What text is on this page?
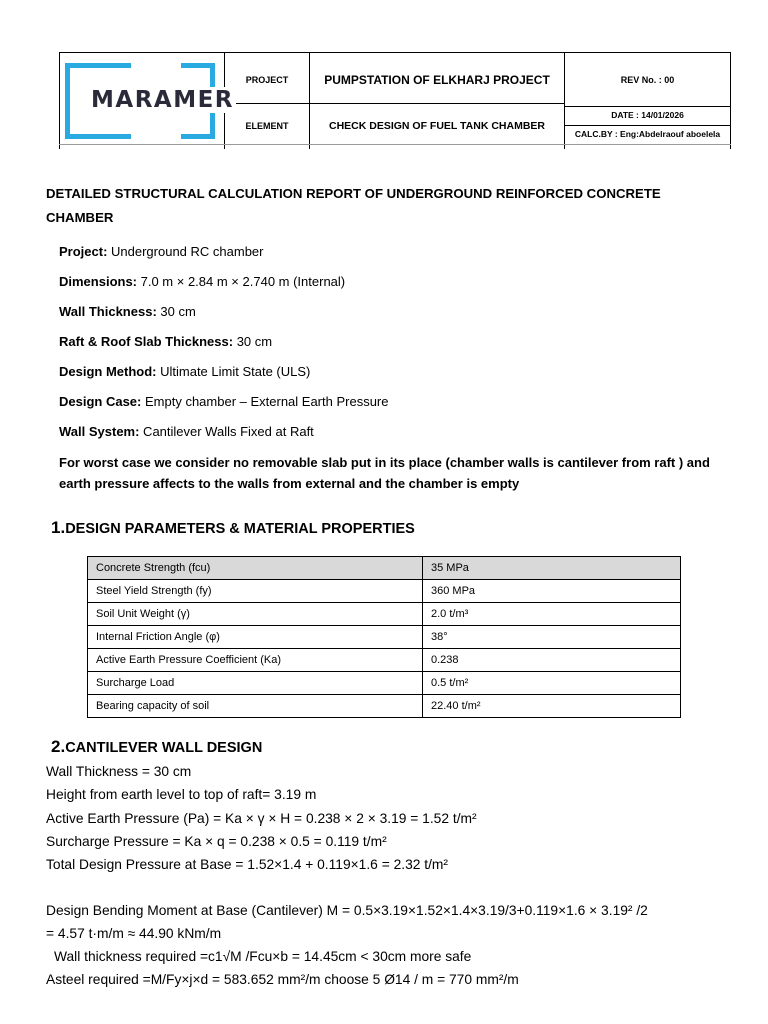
MARAMER
PROJECT	PUMPSTATION OF ELKHARJ PROJECT	REV No. : 00
ELEMENT	CHECK DESIGN OF FUEL TANK CHAMBER
DATE : 14/01/2026
CALC.BY : Eng:Abdelraouf aboelela
DETAILED STRUCTURAL CALCULATION REPORT OF UNDERGROUND REINFORCED CONCRETE CHAMBER
Project: Underground RC chamber
Dimensions: 7.0 m × 2.84 m × 2.740 m (Internal)
Wall Thickness: 30 cm
Raft & Roof Slab Thickness: 30 cm
Design Method: Ultimate Limit State (ULS)
Design Case: Empty chamber – External Earth Pressure
Wall System: Cantilever Walls Fixed at Raft
For worst case we consider no removable slab put in its place (chamber walls is cantilever from raft ) and earth pressure affects to the walls from external and the chamber is empty
1.DESIGN PARAMETERS & MATERIAL PROPERTIES
Concrete Strength (fcu)	35 MPa
Steel Yield Strength (fy)	360 MPa
Soil Unit Weight (γ)	2.0 t/m³
Internal Friction Angle (φ)	38°
Active Earth Pressure Coefficient (Ka)	0.238
Surcharge Load	0.5 t/m²
Bearing capacity of soil	22.40 t/m²
2.CANTILEVER WALL DESIGN
Wall Thickness = 30 cm
Height from earth level to top of raft= 3.19 m
Active Earth Pressure (Pa) = Ka × γ × H = 0.238 × 2 × 3.19 = 1.52 t/m²
Surcharge Pressure = Ka × q = 0.238 × 0.5 = 0.119 t/m²
Total Design Pressure at Base = 1.52×1.4 + 0.119×1.6 = 2.32 t/m²
Design Bending Moment at Base (Cantilever) M = 0.5×3.19×1.52×1.4×3.19/3+0.119×1.6 × 3.19² /2
= 4.57 t·m/m ≈ 44.90 kNm/m
Wall thickness required =c1√M /Fcu×b = 14.45cm < 30cm more safe
Asteel required =M/Fy×j×d = 583.652 mm²/m choose 5 Ø14 / m = 770 mm²/m
